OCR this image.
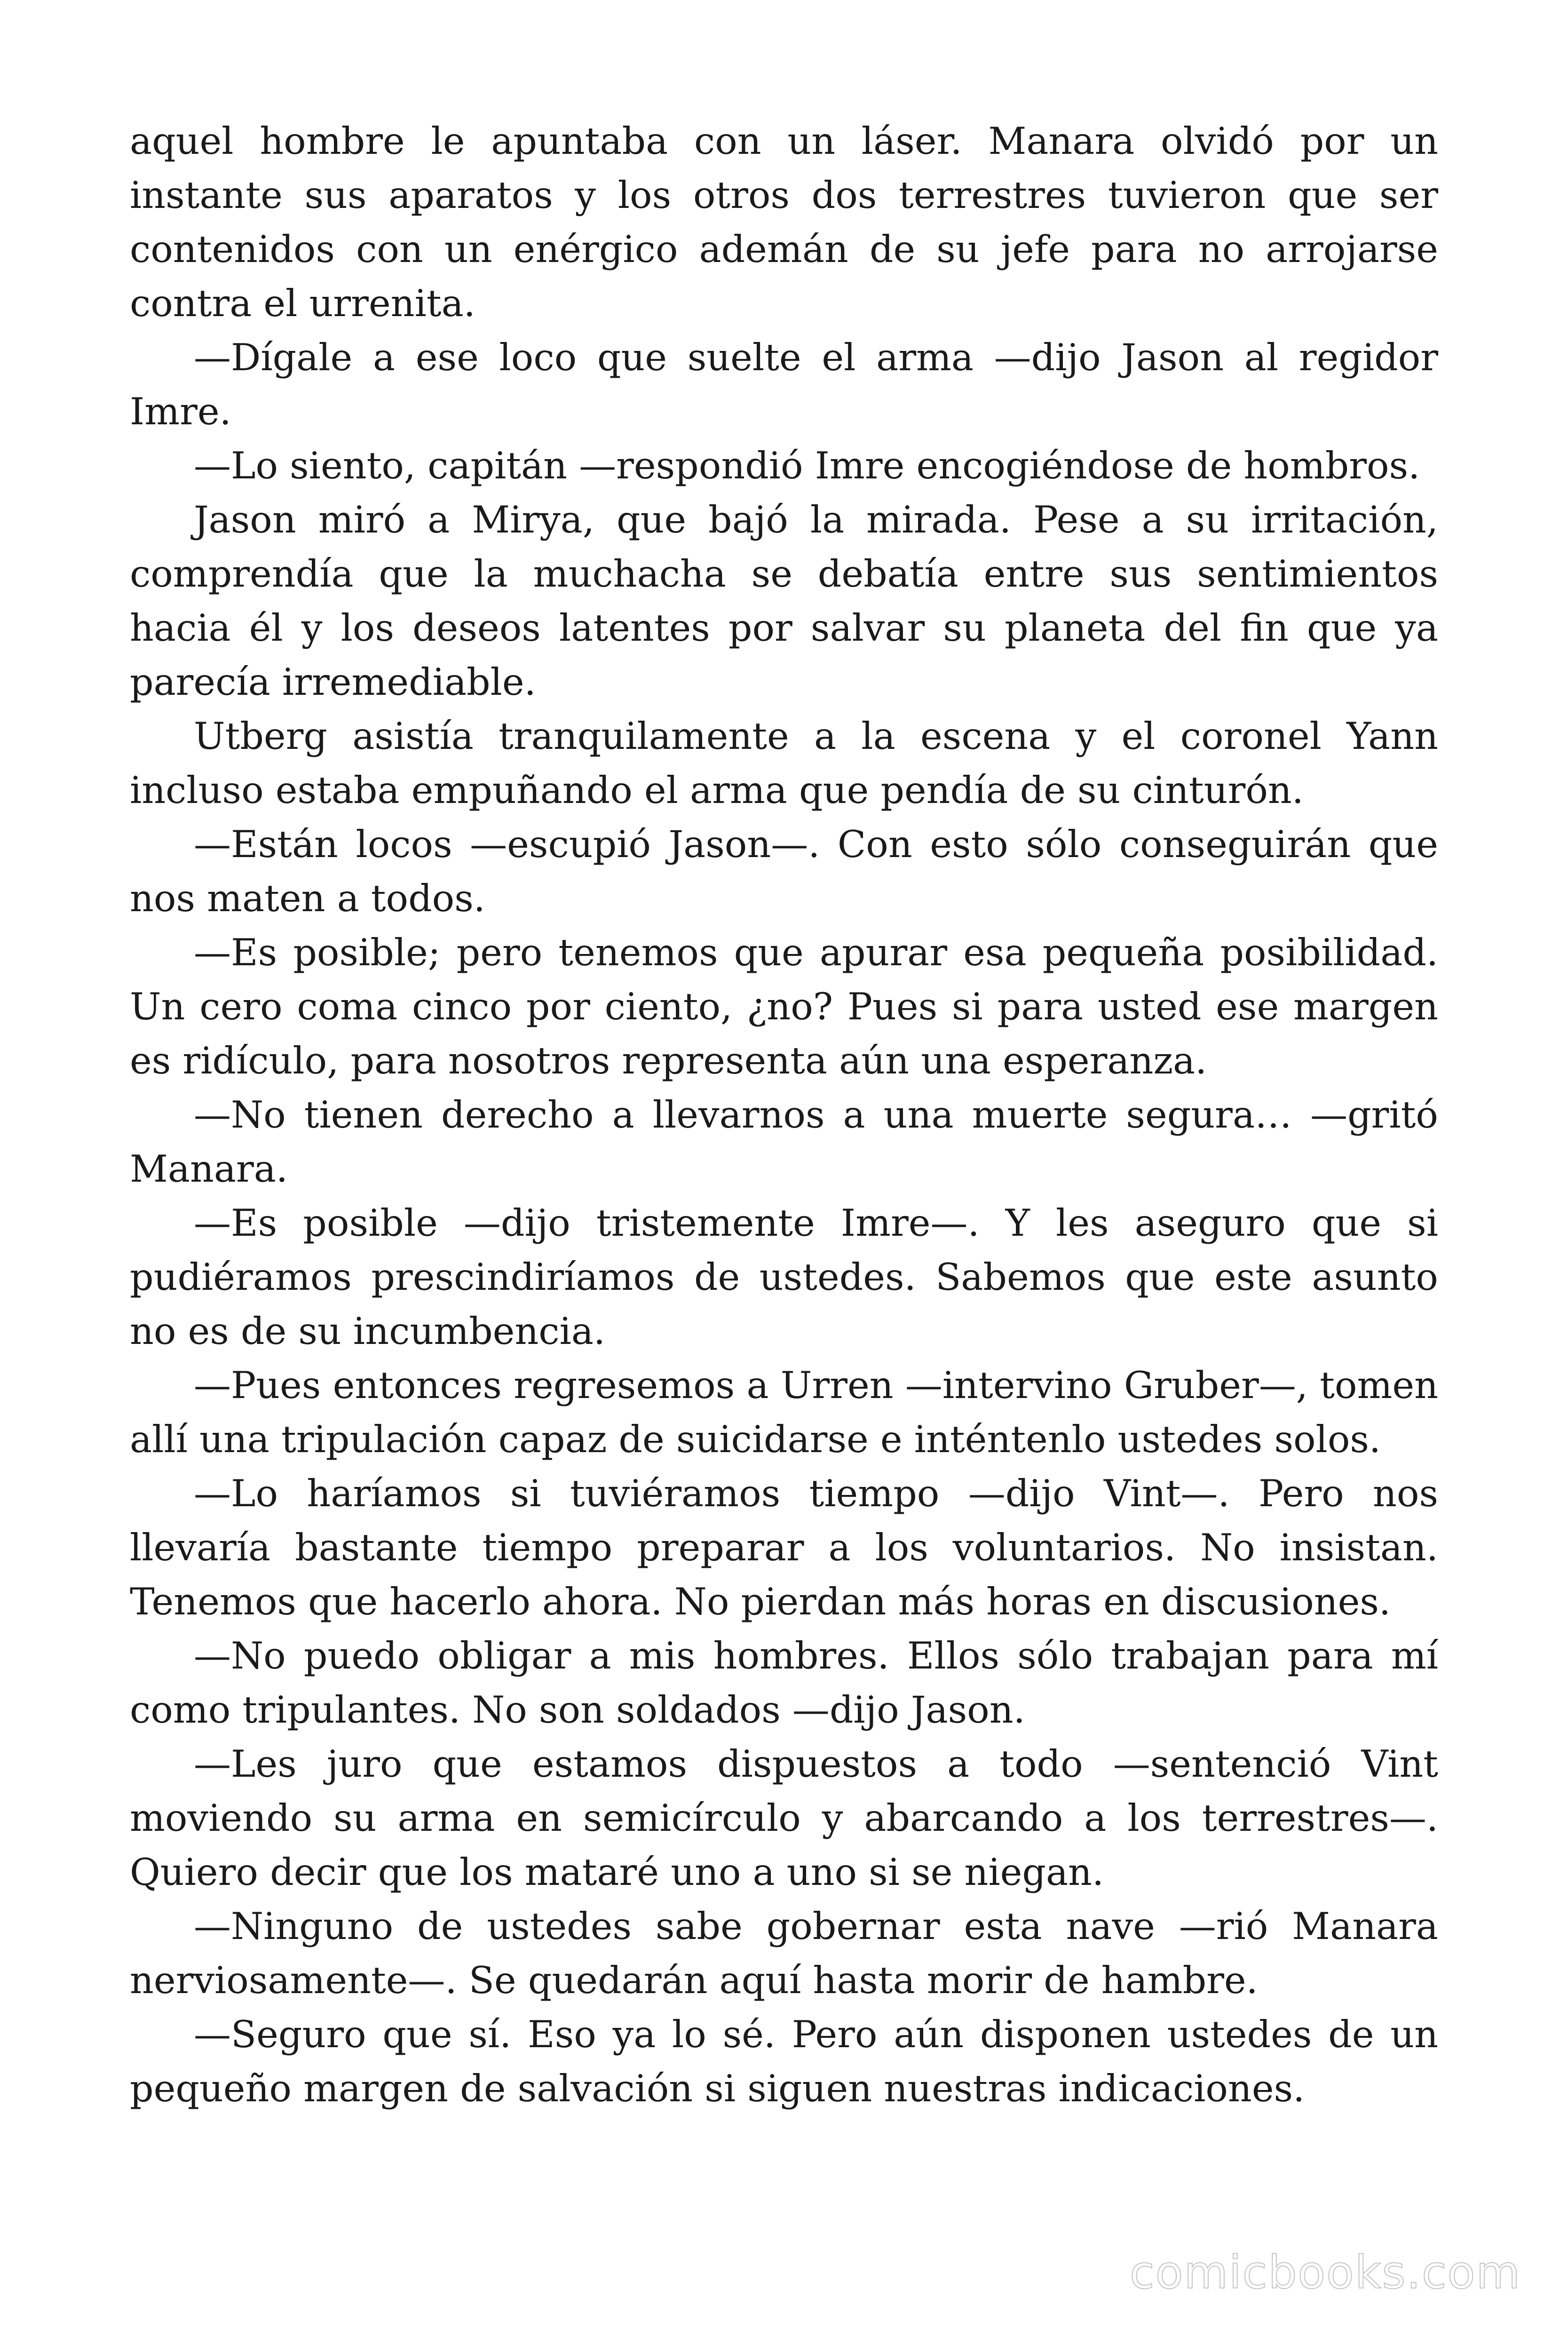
aquel hombre le apuntaba con un láser. Manara olvidó por un instante sus aparatos y los otros dos terrestres tuvieron que ser contenidos con un enérgico ademán de su jefe para no arrojarse contra el urrenita.

—Dígale a ese loco que suelte el arma —dijo Jason al regidor Imre.

—Lo siento, capitán —respondió Imre encogiéndose de hombros.

Jason miró a Mirya, que bajó la mirada. Pese a su irritación, comprendía que la muchacha se debatía entre sus sentimientos hacia él y los deseos latentes por salvar su planeta del fin que ya parecía irremediable.

Utberg asistía tranquilamente a la escena y el coronel Yann incluso estaba empuñando el arma que pendía de su cinturón.

—Están locos —escupió Jason—. Con esto sólo conseguirán que nos maten a todos.

—Es posible; pero tenemos que apurar esa pequeña posibilidad. Un cero coma cinco por ciento, ¿no? Pues si para usted ese margen es ridículo, para nosotros representa aún una esperanza.

—No tienen derecho a llevarnos a una muerte segura… —gritó Manara.

—Es posible —dijo tristemente Imre—. Y les aseguro que si pudiéramos prescindiríamos de ustedes. Sabemos que este asunto no es de su incumbencia.

—Pues entonces regresemos a Urren —intervino Gruber—, tomen allí una tripulación capaz de suicidarse e inténtenlo ustedes solos.

—Lo haríamos si tuviéramos tiempo —dijo Vint—. Pero nos llevaría bastante tiempo preparar a los voluntarios. No insistan. Tenemos que hacerlo ahora. No pierdan más horas en discusiones.

—No puedo obligar a mis hombres. Ellos sólo trabajan para mí como tripulantes. No son soldados —dijo Jason.

—Les juro que estamos dispuestos a todo —sentenció Vint moviendo su arma en semicírculo y abarcando a los terrestres—. Quiero decir que los mataré uno a uno si se niegan.

—Ninguno de ustedes sabe gobernar esta nave —rió Manara nerviosamente—. Se quedarán aquí hasta morir de hambre.

—Seguro que sí. Eso ya lo sé. Pero aún disponen ustedes de un pequeño margen de salvación si siguen nuestras indicaciones.

comicbooks.com
